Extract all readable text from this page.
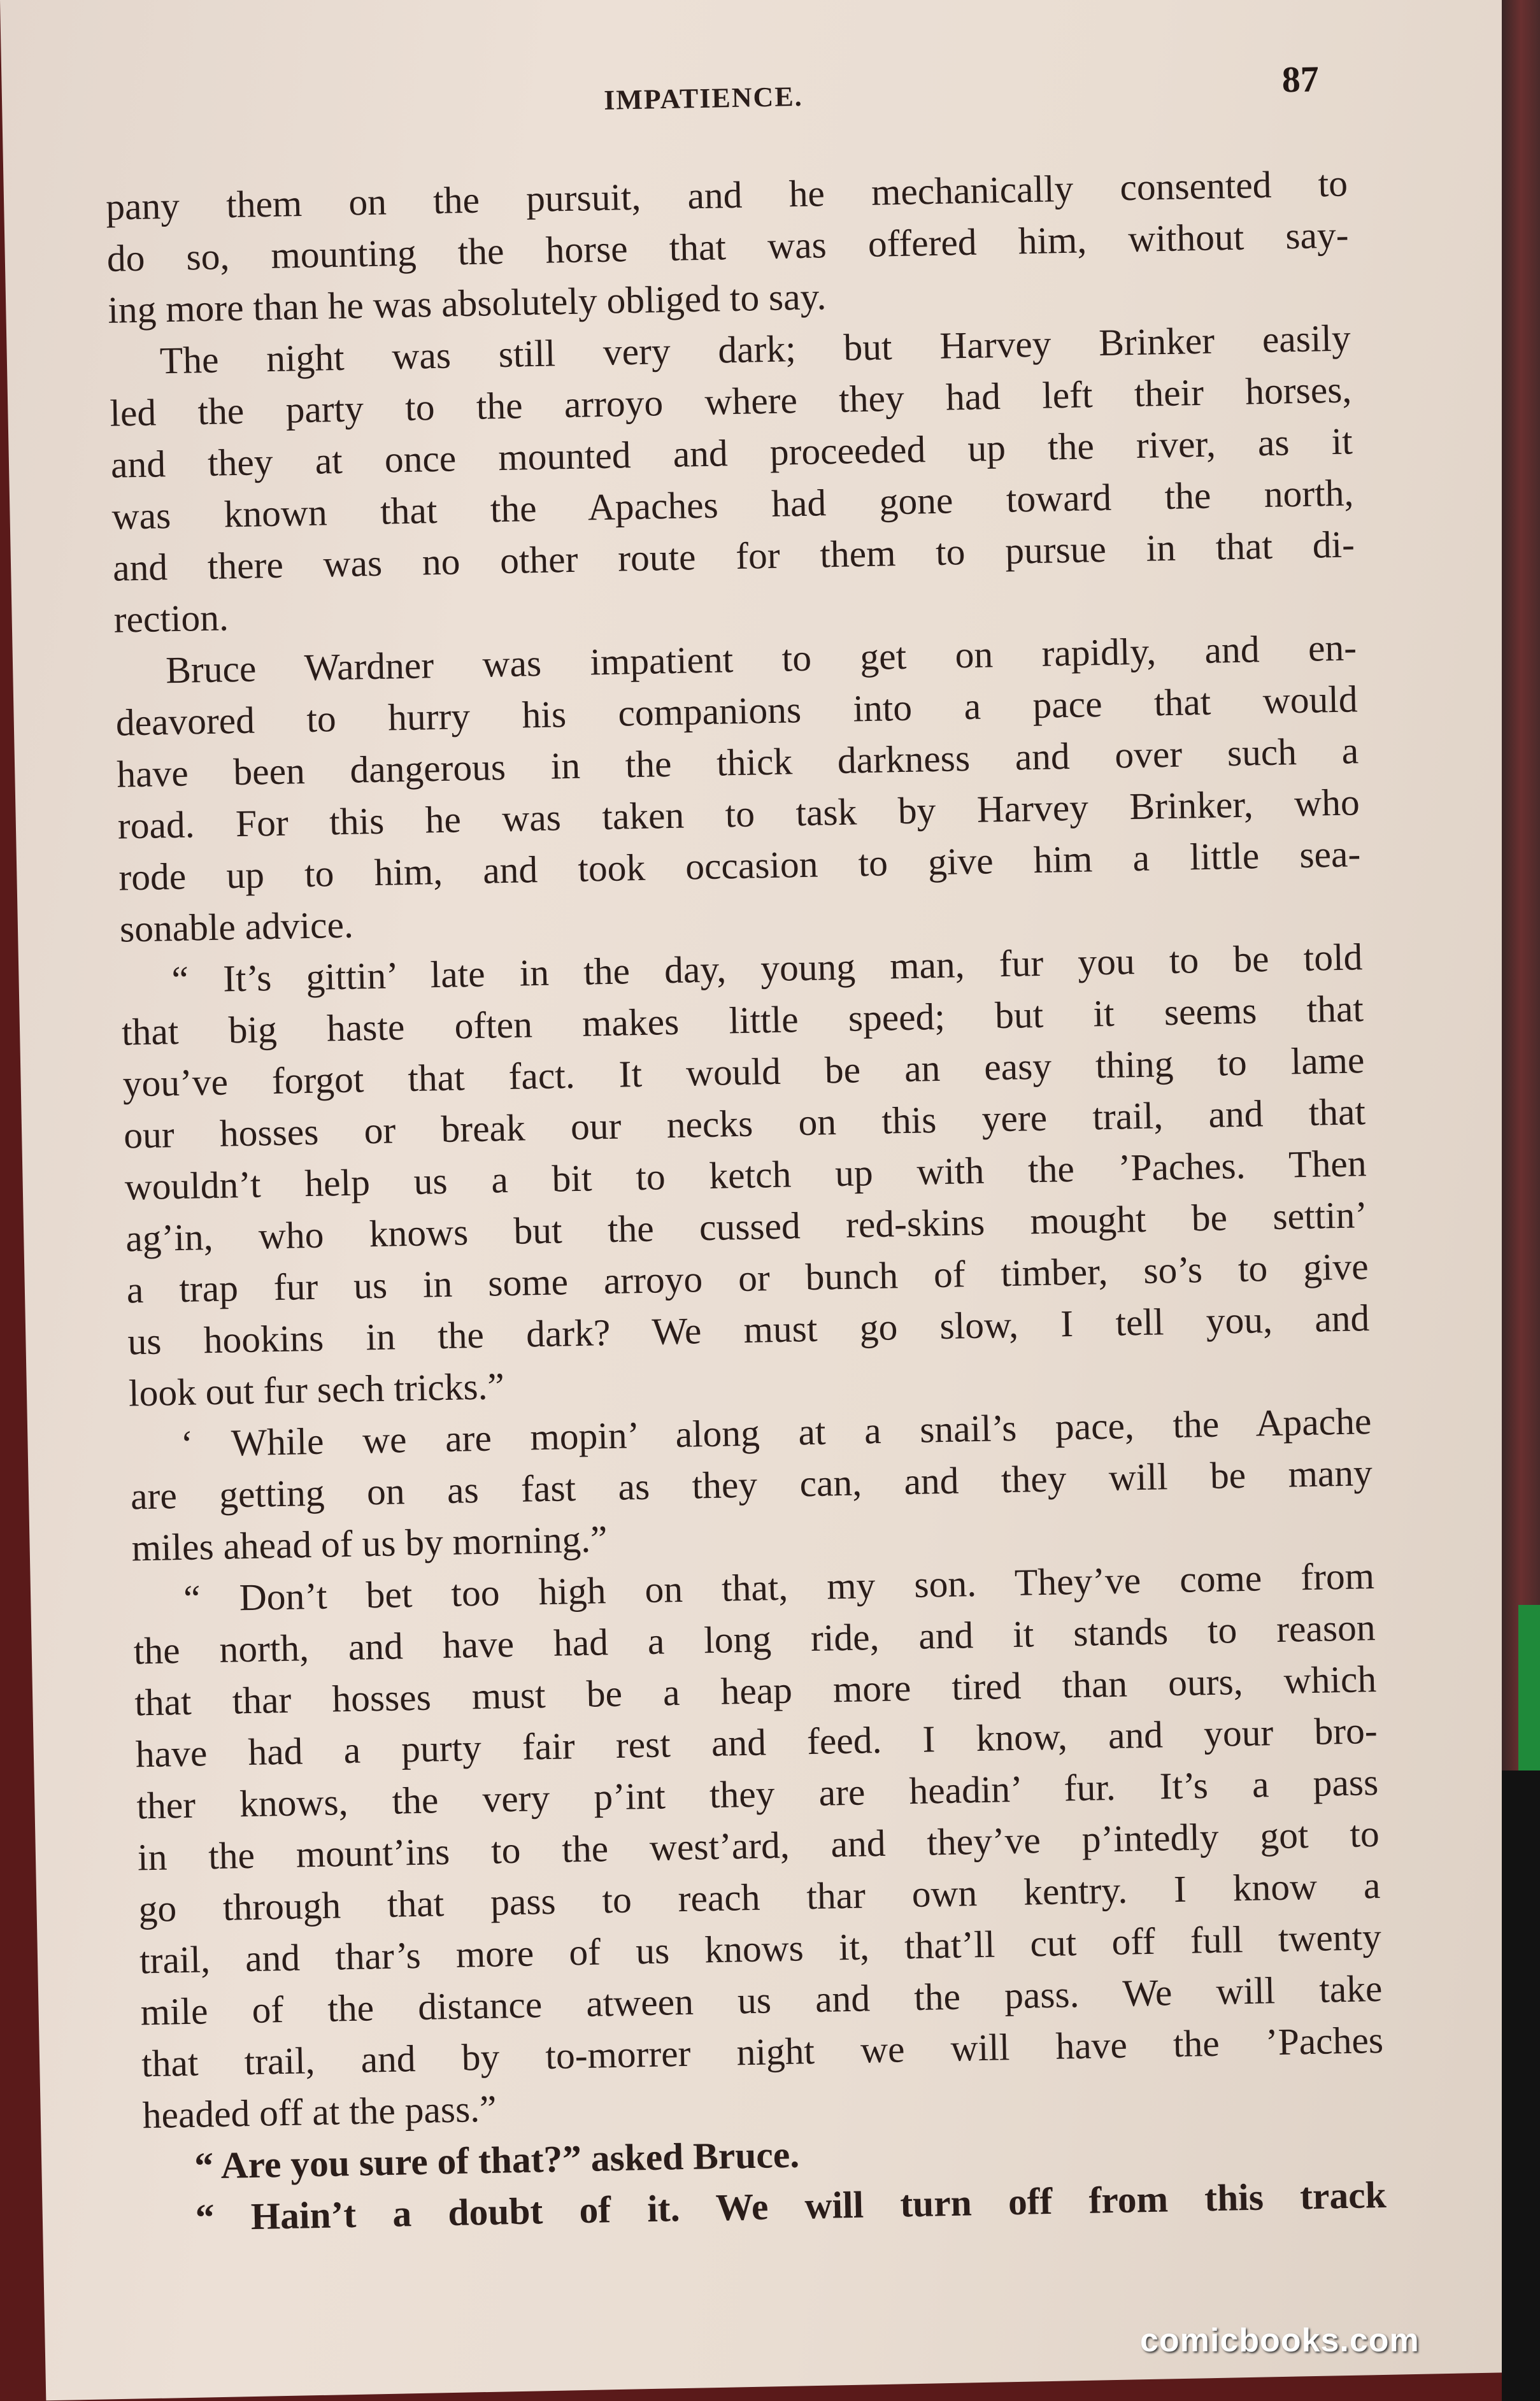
IMPATIENCE.	87
pany them on the pursuit, and he mechanically consented to
do so, mounting the horse that was offered him, without say-
ing more than he was absolutely obliged to say.
The night was still very dark; but Harvey Brinker easily
led the party to the arroyo where they had left their horses,
and they at once mounted and proceeded up the river, as it
was known that the Apaches had gone toward the north,
and there was no other route for them to pursue in that di-
rection.
Bruce Wardner was impatient to get on rapidly, and en-
deavored to hurry his companions into a pace that would
have been dangerous in the thick darkness and over such a
road. For this he was taken to task by Harvey Brinker, who
rode up to him, and took occasion to give him a little sea-
sonable advice.
“ It’s gittin’ late in the day, young man, fur you to be told
that big haste often makes little speed; but it seems that
you’ve forgot that fact. It would be an easy thing to lame
our hosses or break our necks on this yere trail, and that
wouldn’t help us a bit to ketch up with the ’Paches. Then
ag’in, who knows but the cussed red-skins mought be settin’
a trap fur us in some arroyo or bunch of timber, so’s to give
us hookins in the dark? We must go slow, I tell you, and
look out fur sech tricks.”
‘ While we are mopin’ along at a snail’s pace, the Apache
are getting on as fast as they can, and they will be many
miles ahead of us by morning.”
“ Don’t bet too high on that, my son. They’ve come from
the north, and have had a long ride, and it stands to reason
that thar hosses must be a heap more tired than ours, which
have had a purty fair rest and feed. I know, and your bro-
ther knows, the very p’int they are headin’ fur. It’s a pass
in the mount’ins to the west’ard, and they’ve p’intedly got to
go through that pass to reach thar own kentry. I know a
trail, and thar’s more of us knows it, that’ll cut off full twenty
mile of the distance atween us and the pass. We will take
that trail, and by to-morrer night we will have the ’Paches
headed off at the pass.”
“ Are you sure of that?” asked Bruce.
“ Hain’t a doubt of it. We will turn off from this track
comicbooks.com
